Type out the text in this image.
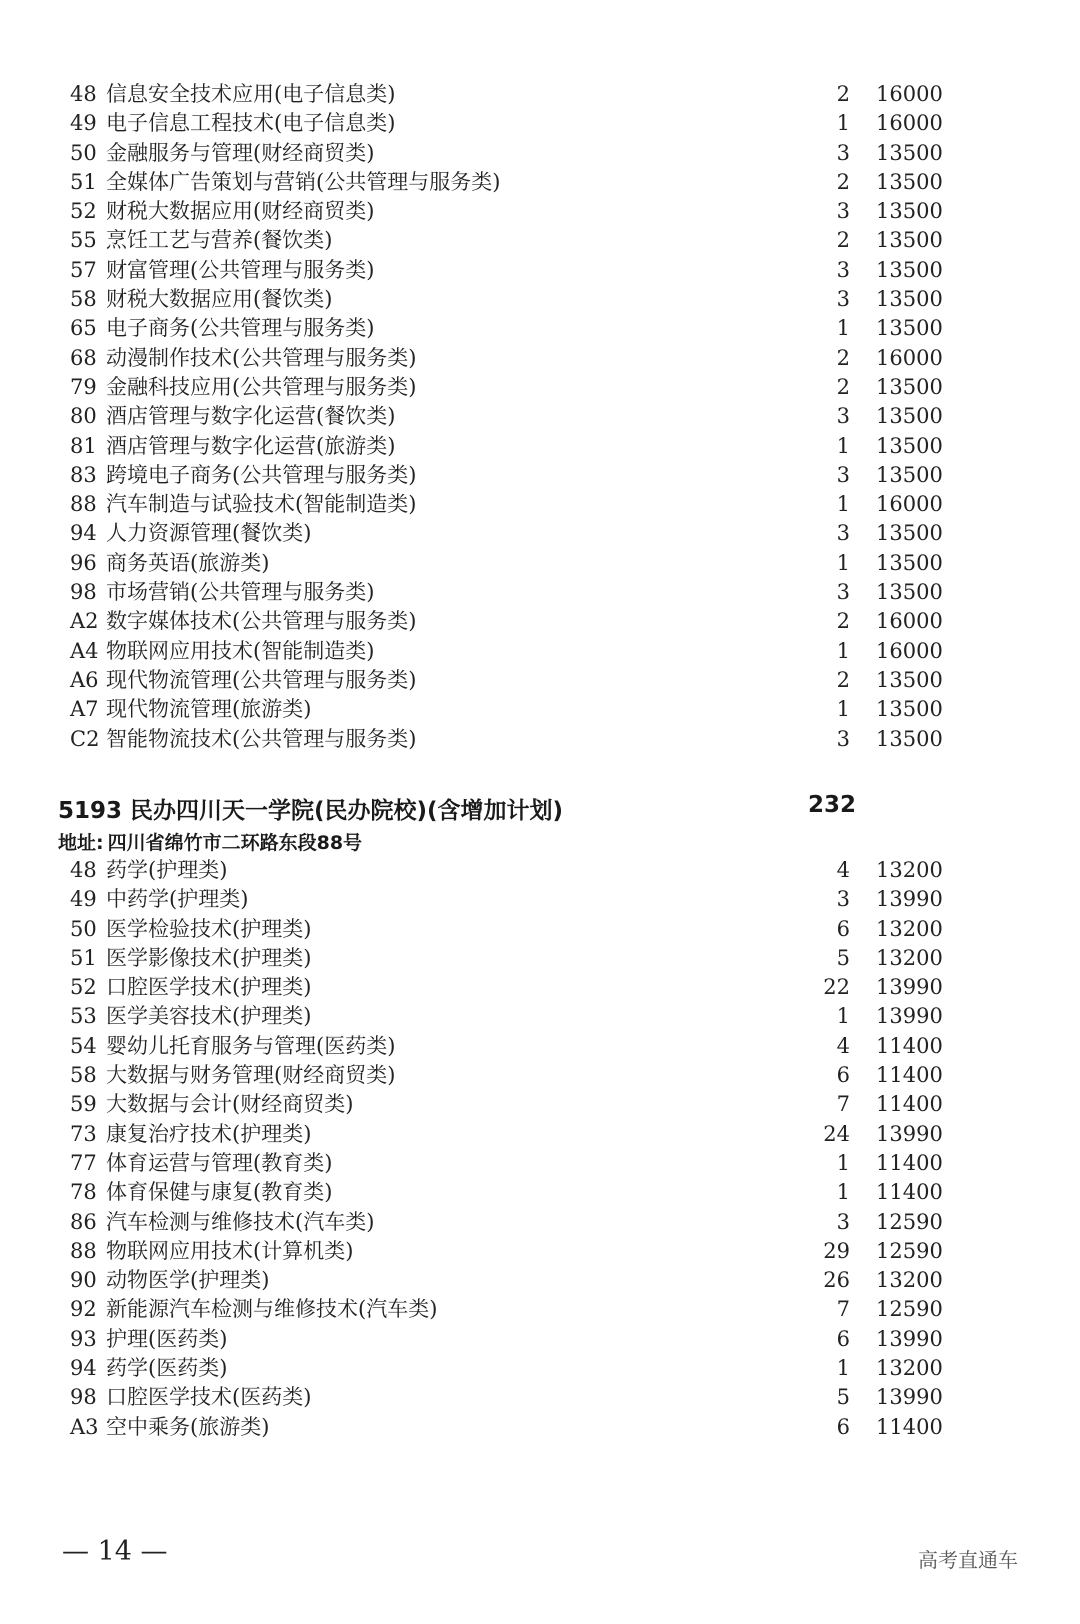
48 信息安全技术应用(电子信息类)	2 16000
49 电子信息工程技术(电子信息类)	1 16000
50 金融服务与管理(财经商贸类)	3 13500
51 全媒体广告策划与营销(公共管理与服务类)	2 13500
52 财税大数据应用(财经商贸类)	3 13500
55 烹饪工艺与营养(餐饮类)	2 13500
57 财富管理(公共管理与服务类)	3 13500
58 财税大数据应用(餐饮类)	3 13500
65 电子商务(公共管理与服务类)	1 13500
68 动漫制作技术(公共管理与服务类)	2 16000
79 金融科技应用(公共管理与服务类)	2 13500
80 酒店管理与数字化运营(餐饮类)	3 13500
81 酒店管理与数字化运营(旅游类)	1 13500
83 跨境电子商务(公共管理与服务类)	3 13500
88 汽车制造与试验技术(智能制造类)	1 16000
94 人力资源管理(餐饮类)	3 13500
96 商务英语(旅游类)	1 13500
98 市场营销(公共管理与服务类)	3 13500
A2 数字媒体技术(公共管理与服务类)	2 16000
A4 物联网应用技术(智能制造类)	1 16000
A6 现代物流管理(公共管理与服务类)	2 13500
A7 现代物流管理(旅游类)	1 13500
C2 智能物流技术(公共管理与服务类)	3 13500
5193 民办四川天一学院(民办院校)(含增加计划)	232
地址: 四川省绵竹市二环路东段88号
48 药学(护理类)	4 13200
49 中药学(护理类)	3 13990
50 医学检验技术(护理类)	6 13200
51 医学影像技术(护理类)	5 13200
52 口腔医学技术(护理类)	22 13990
53 医学美容技术(护理类)	1 13990
54 婴幼儿托育服务与管理(医药类)	4 11400
58 大数据与财务管理(财经商贸类)	6 11400
59 大数据与会计(财经商贸类)	7 11400
73 康复治疗技术(护理类)	24 13990
77 体育运营与管理(教育类)	1 11400
78 体育保健与康复(教育类)	1 11400
86 汽车检测与维修技术(汽车类)	3 12590
88 物联网应用技术(计算机类)	29 12590
90 动物医学(护理类)	26 13200
92 新能源汽车检测与维修技术(汽车类)	7 12590
93 护理(医药类)	6 13990
94 药学(医药类)	1 13200
98 口腔医学技术(医药类)	5 13990
A3 空中乘务(旅游类)	6 11400
— 14 —	高考直通车
